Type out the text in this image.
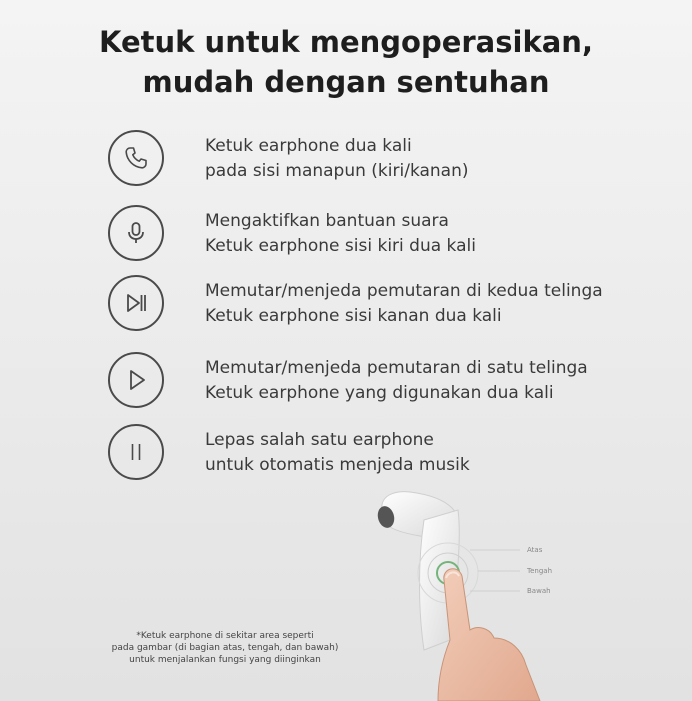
Ketuk untuk mengoperasikan,
mudah dengan sentuhan
Ketuk earphone dua kali
pada sisi manapun (kiri/kanan)
Mengaktifkan bantuan suara
Ketuk earphone sisi kiri dua kali
Memutar/menjeda pemutaran di kedua telinga
Ketuk earphone sisi kanan dua kali
Memutar/menjeda pemutaran di satu telinga
Ketuk earphone yang digunakan dua kali
Lepas salah satu earphone
untuk otomatis menjeda musik
Atas
Tengah
Bawah
*Ketuk earphone di sekitar area seperti
pada gambar (di bagian atas, tengah, dan bawah)
untuk menjalankan fungsi yang diinginkan
